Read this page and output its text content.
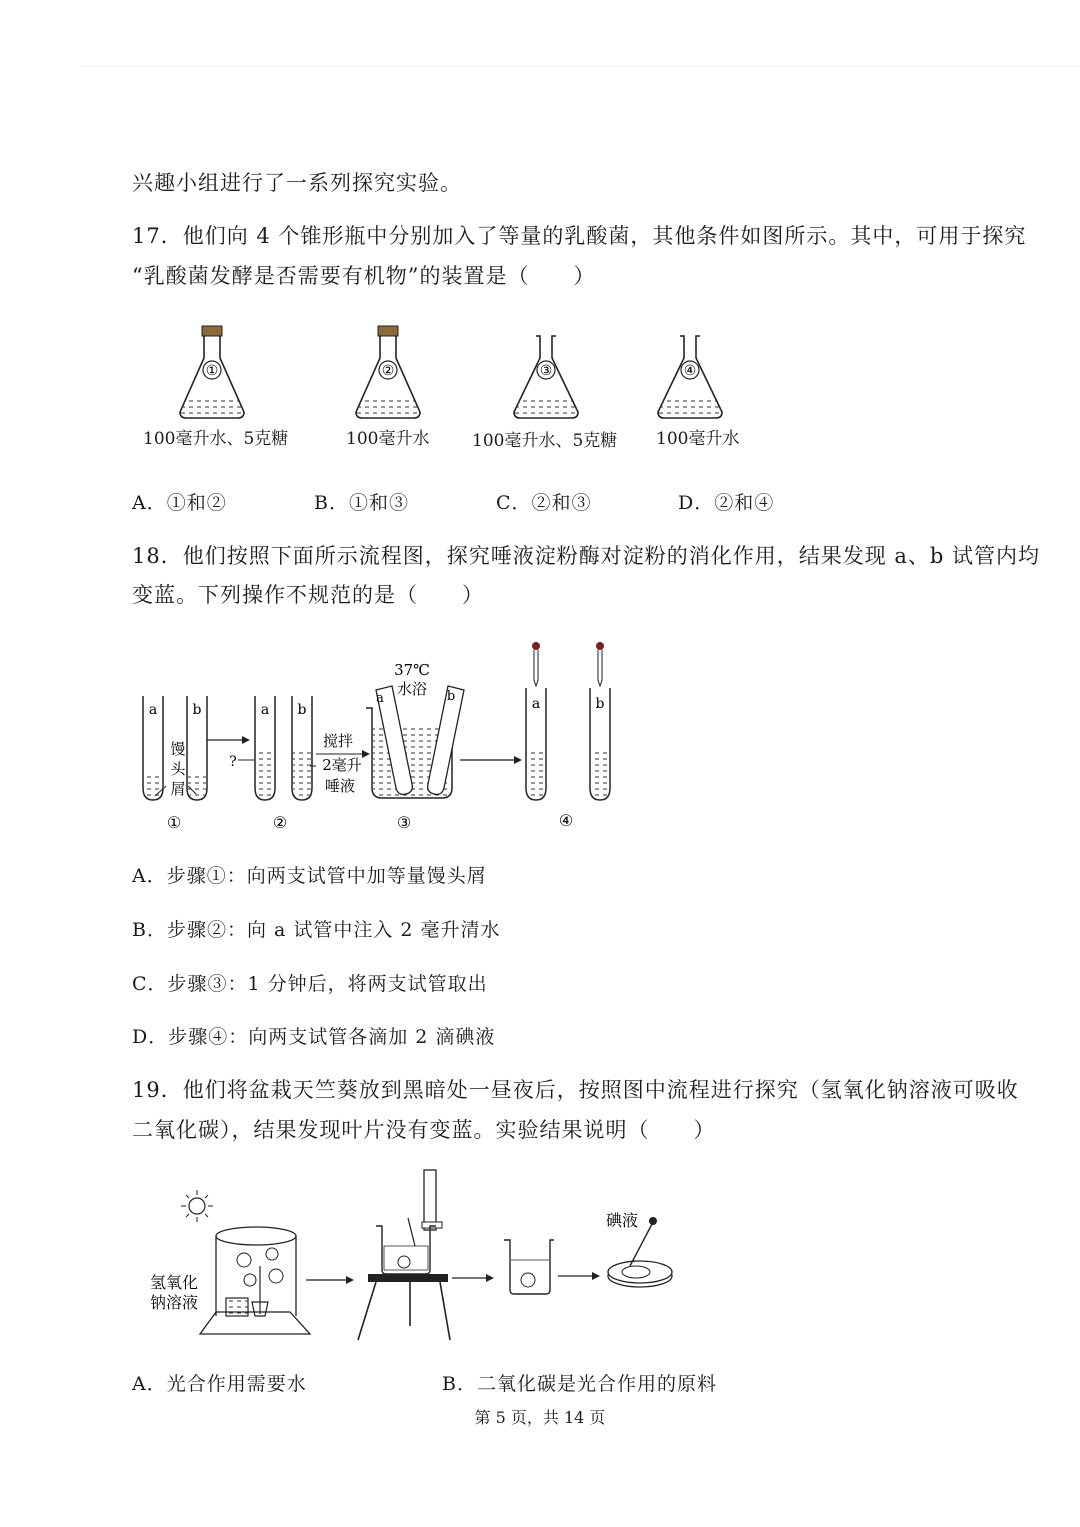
兴趣小组进行了一系列探究实验。
17．他们向 4 个锥形瓶中分别加入了等量的乳酸菌，其他条件如图所示。其中，可用于探究
“乳酸菌发酵是否需要有机物”的装置是（　　）
①	②	③	④
100毫升水、5克糖	100毫升水	100毫升水、5克糖 100毫升水
A．①和②	B．①和③	C．②和③	D．②和④
18．他们按照下面所示流程图，探究唾液淀粉酶对淀粉的消化作用，结果发现 a、b 试管内均
变蓝。下列操作不规范的是（　　）
a	b
馒
头
屑
①
a b
?
搅拌
2毫升
唾液
②
37℃
水浴
a	b
③
a	b
④
A．步骤①：向两支试管中加等量馒头屑
B．步骤②：向 a 试管中注入 2 毫升清水
C．步骤③：1 分钟后，将两支试管取出
D．步骤④：向两支试管各滴加 2 滴碘液
19．他们将盆栽天竺葵放到黑暗处一昼夜后，按照图中流程进行探究（氢氧化钠溶液可吸收
二氧化碳），结果发现叶片没有变蓝。实验结果说明（　　）
氢氧化
钠溶液
碘液
A．光合作用需要水	B．二氧化碳是光合作用的原料
第 5 页，共 14 页
